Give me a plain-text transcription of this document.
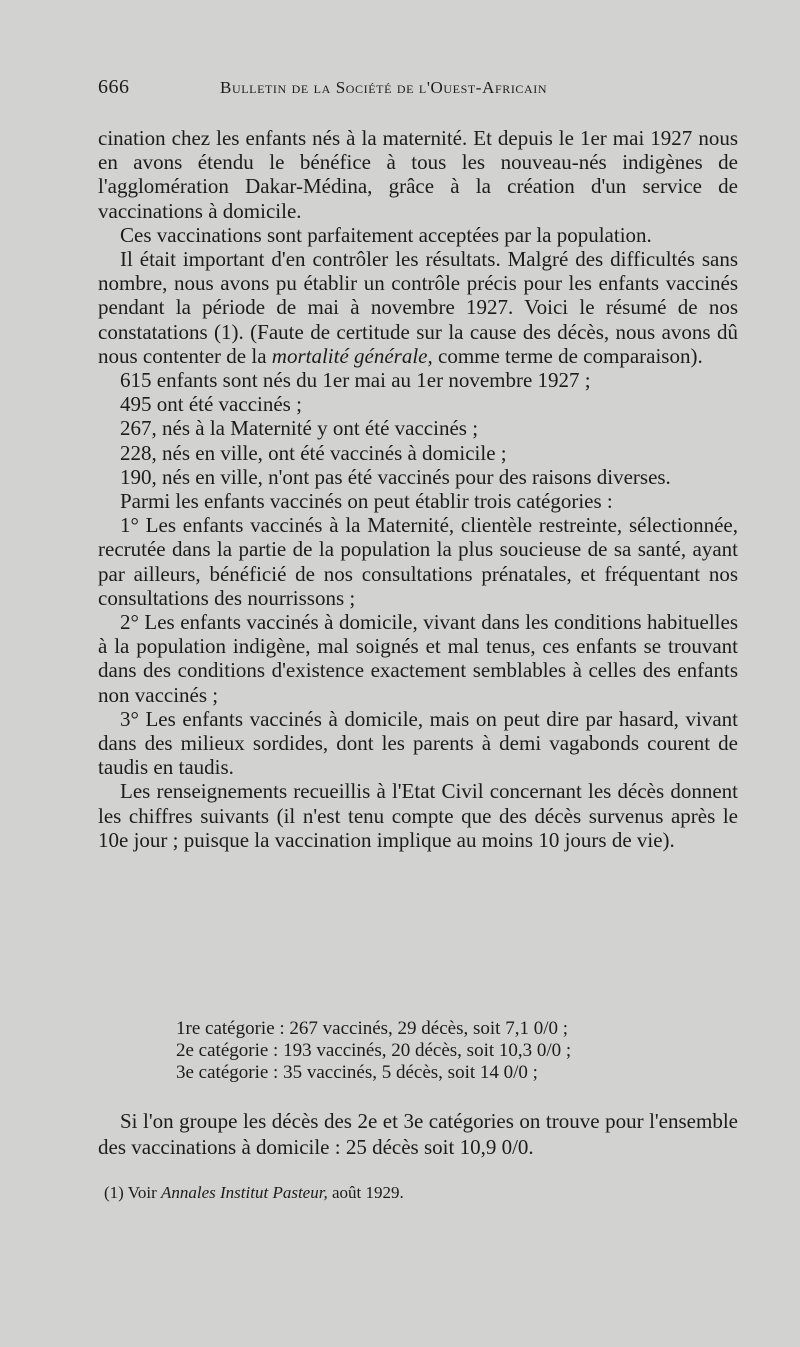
666	Bulletin de la Société de l'Ouest-Africain

cination chez les enfants nés à la maternité. Et depuis le 1er mai 1927 nous en avons étendu le bénéfice à tous les nouveau-nés indigènes de l'agglomération Dakar-Médina, grâce à la création d'un service de vaccinations à domicile.

Ces vaccinations sont parfaitement acceptées par la population.

Il était important d'en contrôler les résultats. Malgré des difficultés sans nombre, nous avons pu établir un contrôle précis pour les enfants vaccinés pendant la période de mai à novembre 1927. Voici le résumé de nos constatations (1). (Faute de certitude sur la cause des décès, nous avons dû nous contenter de la mortalité générale, comme terme de comparaison).

615 enfants sont nés du 1er mai au 1er novembre 1927 ;

495 ont été vaccinés ;

267, nés à la Maternité y ont été vaccinés ;

228, nés en ville, ont été vaccinés à domicile ;

190, nés en ville, n'ont pas été vaccinés pour des raisons diverses.

Parmi les enfants vaccinés on peut établir trois catégories :

1° Les enfants vaccinés à la Maternité, clientèle restreinte, sélectionnée, recrutée dans la partie de la population la plus soucieuse de sa santé, ayant par ailleurs, bénéficié de nos consultations prénatales, et fréquentant nos consultations des nourrissons ;

2° Les enfants vaccinés à domicile, vivant dans les conditions habituelles à la population indigène, mal soignés et mal tenus, ces enfants se trouvant dans des conditions d'existence exactement semblables à celles des enfants non vaccinés ;

3° Les enfants vaccinés à domicile, mais on peut dire par hasard, vivant dans des milieux sordides, dont les parents à demi vagabonds courent de taudis en taudis.

Les renseignements recueillis à l'Etat Civil concernant les décès donnent les chiffres suivants (il n'est tenu compte que des décès survenus après le 10e jour ; puisque la vaccination implique au moins 10 jours de vie).

1re catégorie : 267 vaccinés, 29 décès, soit 7,1 0/0 ;
2e catégorie : 193 vaccinés, 20 décès, soit 10,3 0/0 ;
3e catégorie : 35 vaccinés, 5 décès, soit 14 0/0 ;

Si l'on groupe les décès des 2e et 3e catégories on trouve pour l'ensemble des vaccinations à domicile : 25 décès soit 10,9 0/0.

(1) Voir Annales Institut Pasteur, août 1929.
